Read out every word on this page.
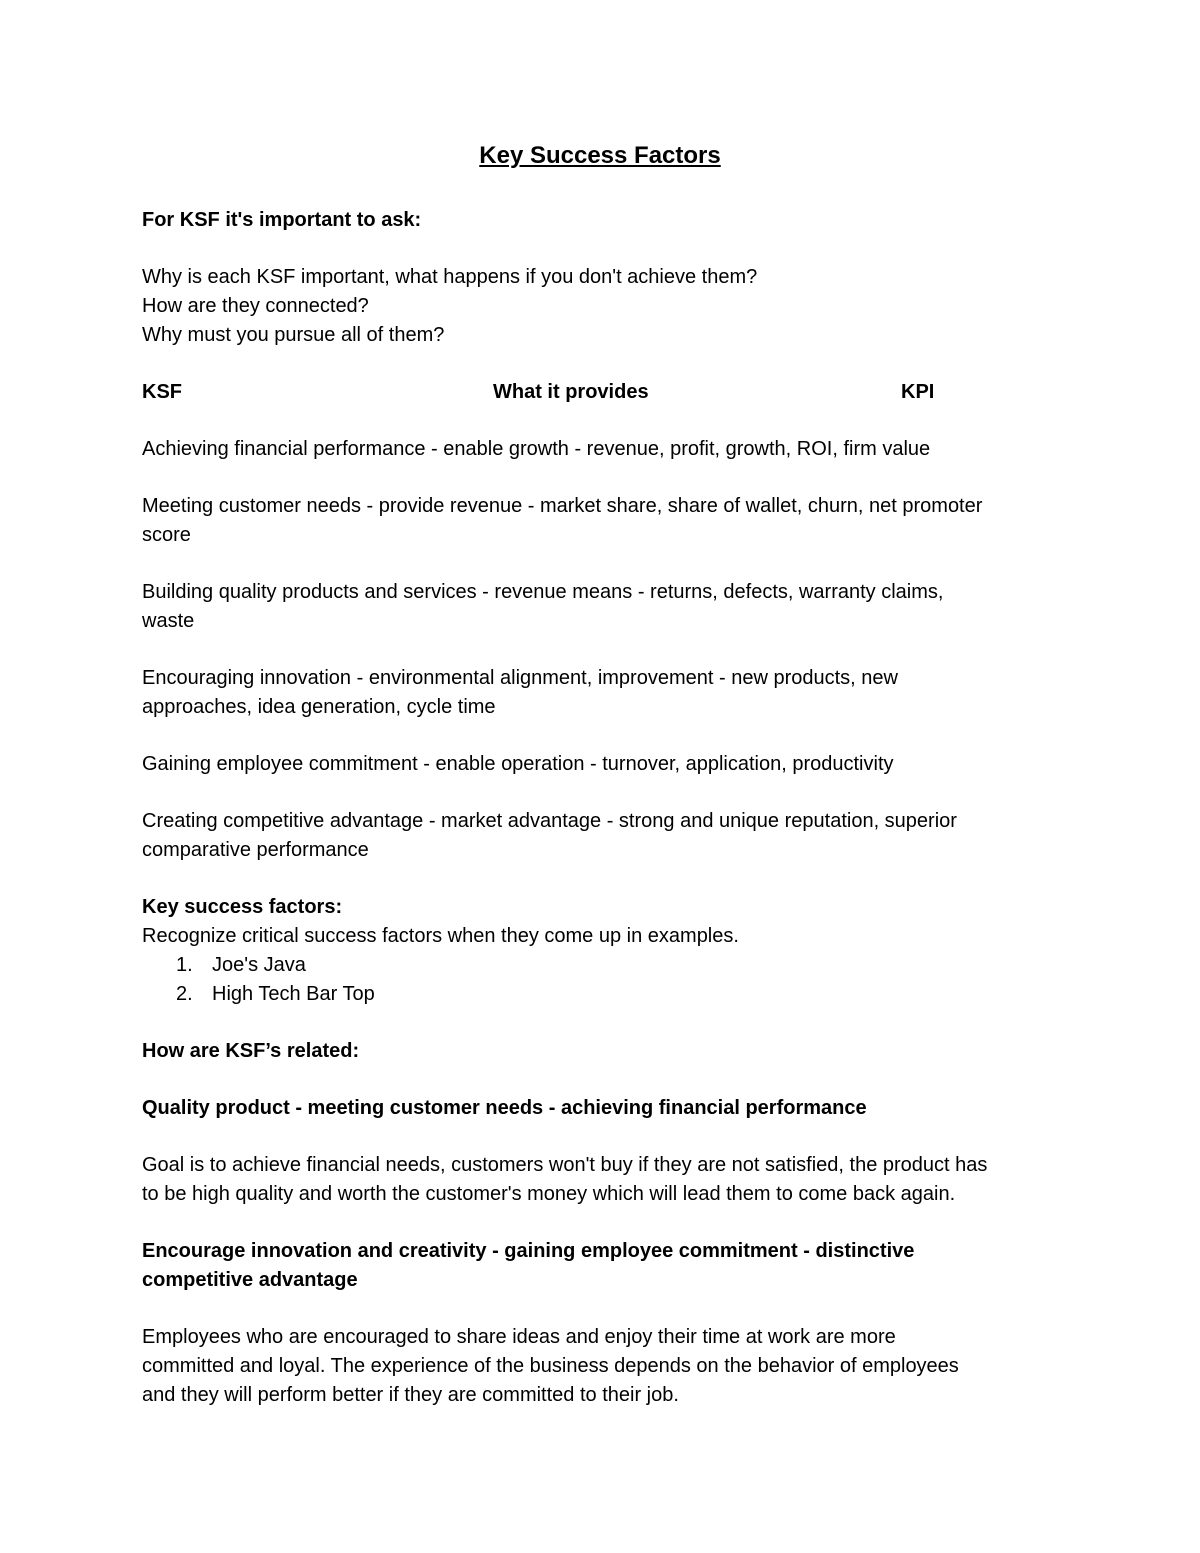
Key Success Factors

For KSF it's important to ask:

Why is each KSF important, what happens if you don't achieve them?

How are they connected?

Why must you pursue all of them?

KSF	What it provides	KPI

Achieving financial performance - enable growth - revenue, profit, growth, ROI, firm value

Meeting customer needs - provide revenue - market share, share of wallet, churn, net promoter

score

Building quality products and services - revenue means - returns, defects, warranty claims,

waste

Encouraging innovation - environmental alignment, improvement - new products, new

approaches, idea generation, cycle time

Gaining employee commitment - enable operation - turnover, application, productivity

Creating competitive advantage - market advantage - strong and unique reputation, superior

comparative performance

Key success factors:

Recognize critical success factors when they come up in examples.

1. Joe's Java
2. High Tech Bar Top

How are KSF’s related:

Quality product - meeting customer needs - achieving financial performance

Goal is to achieve financial needs, customers won't buy if they are not satisfied, the product has

to be high quality and worth the customer's money which will lead them to come back again.

Encourage innovation and creativity - gaining employee commitment - distinctive

competitive advantage

Employees who are encouraged to share ideas and enjoy their time at work are more

committed and loyal. The experience of the business depends on the behavior of employees

and they will perform better if they are committed to their job.
